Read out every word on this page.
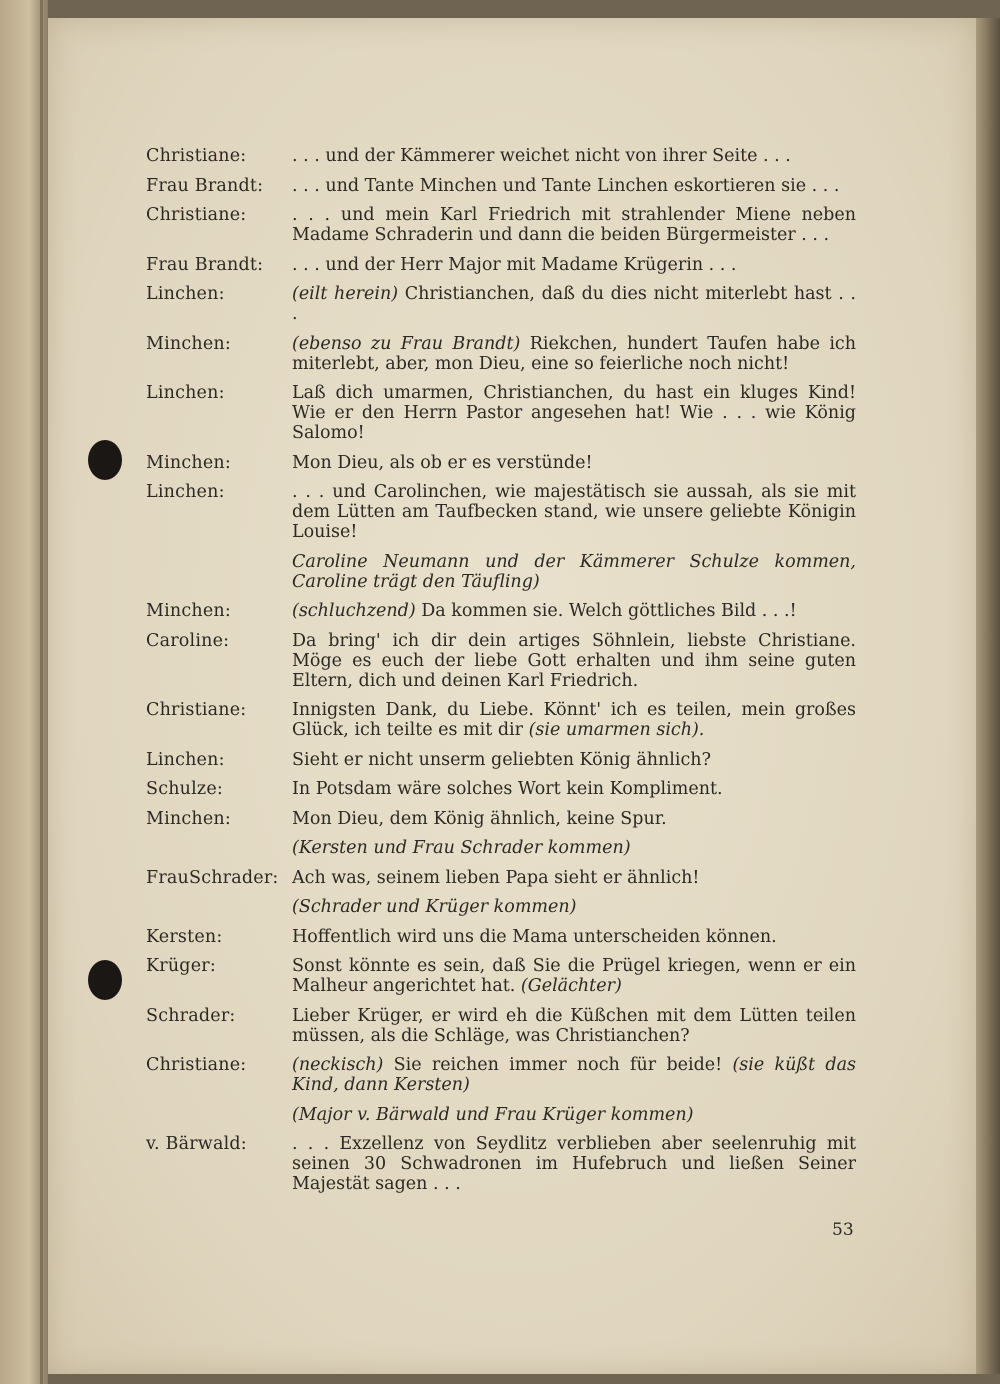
Christiane:	. . . und der Kämmerer weichet nicht von ihrer Seite . . .
Frau Brandt:	. . . und Tante Minchen und Tante Linchen eskortieren sie . . .
Christiane:	. . . und mein Karl Friedrich mit strahlender Miene neben Madame Schraderin und dann die beiden Bürgermeister . . .
Frau Brandt:	. . . und der Herr Major mit Madame Krügerin . . .
Linchen:	(eilt herein) Christianchen, daß du dies nicht miterlebt hast . . .
Minchen:	(ebenso zu Frau Brandt) Riekchen, hundert Taufen habe ich miterlebt, aber, mon Dieu, eine so feierliche noch nicht!
Linchen:	Laß dich umarmen, Christianchen, du hast ein kluges Kind! Wie er den Herrn Pastor angesehen hat! Wie . . . wie König Salomo!
Minchen:	Mon Dieu, als ob er es verstünde!
Linchen:	. . . und Carolinchen, wie majestätisch sie aussah, als sie mit dem Lütten am Taufbecken stand, wie unsere geliebte Königin Louise!
Caroline Neumann und der Kämmerer Schulze kommen, Caroline trägt den Täufling)
Minchen:	(schluchzend) Da kommen sie. Welch göttliches Bild . . .!
Caroline:	Da bring' ich dir dein artiges Söhnlein, liebste Christiane. Möge es euch der liebe Gott erhalten und ihm seine guten Eltern, dich und deinen Karl Friedrich.
Christiane:	Innigsten Dank, du Liebe. Könnt' ich es teilen, mein großes Glück, ich teilte es mit dir (sie umarmen sich).
Linchen:	Sieht er nicht unserm geliebten König ähnlich?
Schulze:	In Potsdam wäre solches Wort kein Kompliment.
Minchen:	Mon Dieu, dem König ähnlich, keine Spur.
(Kersten und Frau Schrader kommen)
FrauSchrader: Ach was, seinem lieben Papa sieht er ähnlich!
(Schrader und Krüger kommen)
Kersten:	Hoffentlich wird uns die Mama unterscheiden können.
Krüger:	Sonst könnte es sein, daß Sie die Prügel kriegen, wenn er ein Malheur angerichtet hat. (Gelächter)
Schrader:	Lieber Krüger, er wird eh die Küßchen mit dem Lütten teilen müssen, als die Schläge, was Christianchen?
Christiane:	(neckisch) Sie reichen immer noch für beide! (sie küßt das Kind, dann Kersten)
(Major v. Bärwald und Frau Krüger kommen)
v. Bärwald:	. . . Exzellenz von Seydlitz verblieben aber seelenruhig mit seinen 30 Schwadronen im Hufebruch und ließen Seiner Majestät sagen . . .
53
